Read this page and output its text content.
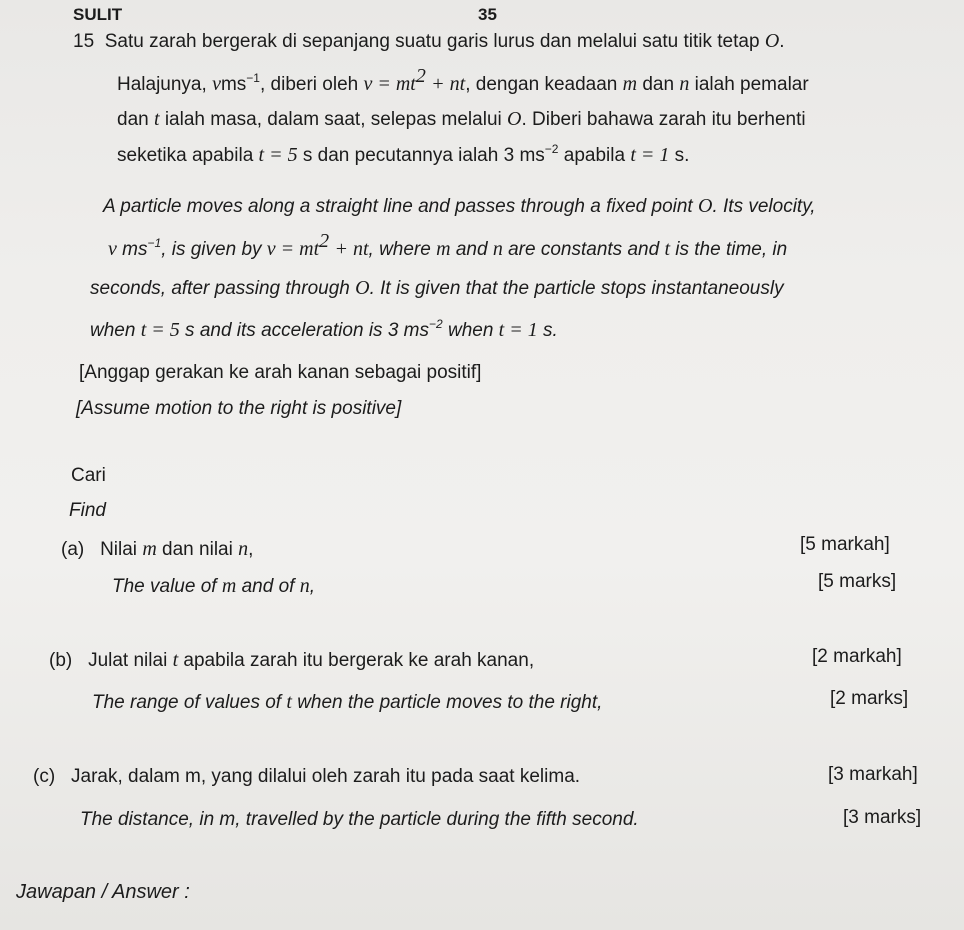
SULIT	35
15 Satu zarah bergerak di sepanjang suatu garis lurus dan melalui satu titik tetap O.
Halajunya, vms$^{-1}$, diberi oleh $v = mt^2$ + nt, dengan keadaan m dan n ialah pemalar
dan t ialah masa, dalam saat, selepas melalui O. Diberi bahawa zarah itu berhenti
seketika apabila t = 5 s dan pecutannya ialah 3 $ms^{-2}$ apabila t = 1 s.
A particle moves along a straight line and passes through a fixed point O. Its velocity,
v $ms^{-1}$, is given by $v = mt^2$ + nt, where m and n are constants and t is the time, in
seconds, after passing through O. It is given that the particle stops instantaneously
when t = 5 s and its acceleration is 3 $ms^{-2}$ when t = 1 s.
[Anggap gerakan ke arah kanan sebagai positif]
[Assume motion to the right is positive]
Cari
Find
(a) Nilai m dan nilai n,	[5 markah]
The value of m and of n,	[5 marks]
(b) Julat nilai t apabila zarah itu bergerak ke arah kanan,	[2 markah]
The range of values of t when the particle moves to the right,	[2 marks]
(c) Jarak, dalam m, yang dilalui oleh zarah itu pada saat kelima.	[3 markah]
The distance, in m, travelled by the particle during the fifth second.	[3 marks]
Jawapan / Answer :
